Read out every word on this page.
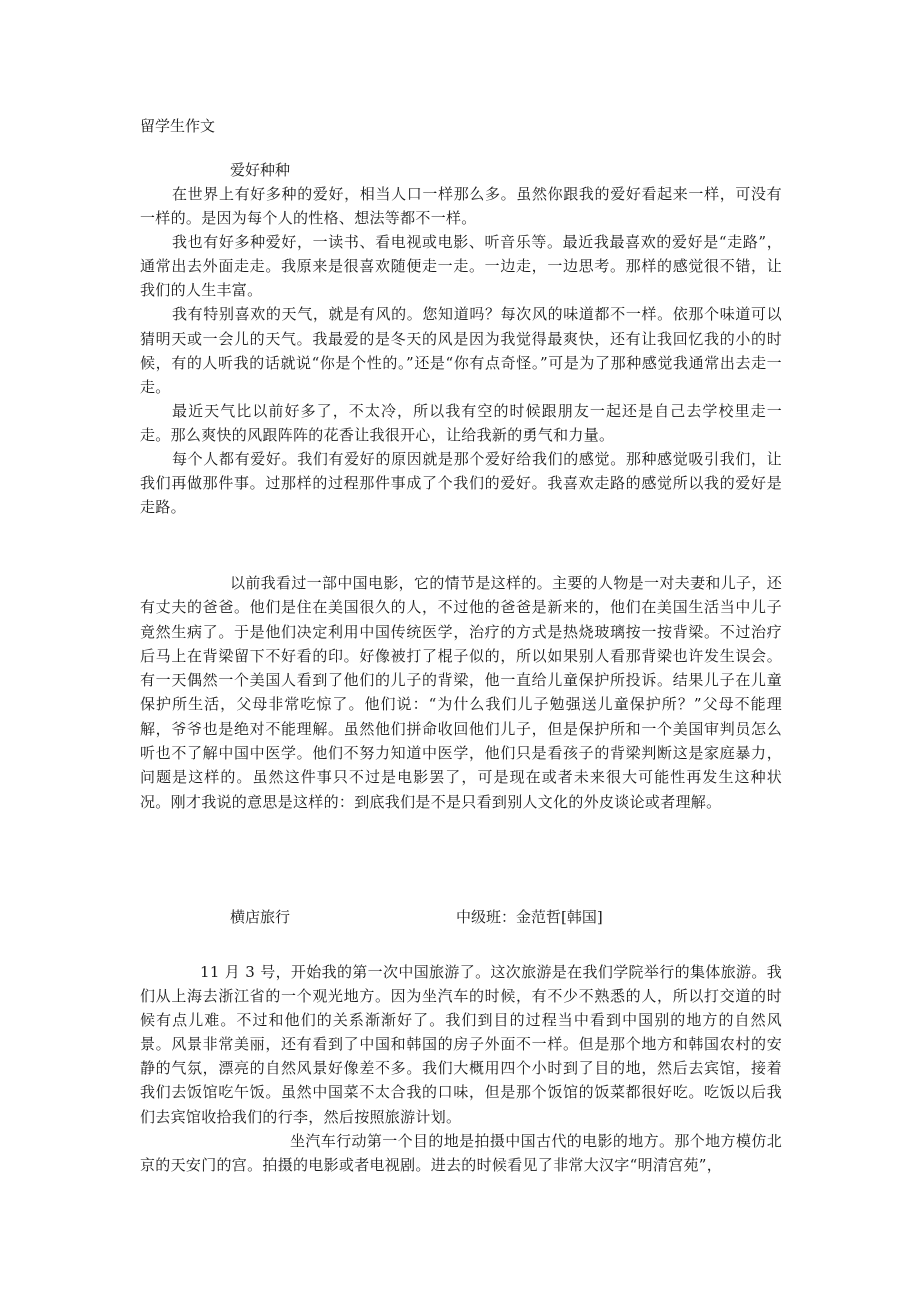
留学生作文
爱好种种

在世界上有好多种的爱好，相当人口一样那么多。虽然你跟我的爱好看起来一样，可没有一样的。是因为每个人的性格、想法等都不一样。

我也有好多种爱好，一读书、看电视或电影、听音乐等。最近我最喜欢的爱好是“走路”，通常出去外面走走。我原来是很喜欢随便走一走。一边走，一边思考。那样的感觉很不错，让我们的人生丰富。

我有特别喜欢的天气，就是有风的。您知道吗？每次风的味道都不一样。依那个味道可以猜明天或一会儿的天气。我最爱的是冬天的风是因为我觉得最爽快，还有让我回忆我的小的时候，有的人听我的话就说“你是个性的。”还是“你有点奇怪。”可是为了那种感觉我通常出去走一走。

最近天气比以前好多了，不太冷，所以我有空的时候跟朋友一起还是自己去学校里走一走。那么爽快的风跟阵阵的花香让我很开心，让给我新的勇气和力量。

每个人都有爱好。我们有爱好的原因就是那个爱好给我们的感觉。那种感觉吸引我们，让我们再做那件事。过那样的过程那件事成了个我们的爱好。我喜欢走路的感觉所以我的爱好是走路。

以前我看过一部中国电影，它的情节是这样的。主要的人物是一对夫妻和儿子，还有丈夫的爸爸。他们是住在美国很久的人，不过他的爸爸是新来的，他们在美国生活当中儿子竟然生病了。于是他们决定利用中国传统医学，治疗的方式是热烧玻璃按一按背梁。不过治疗后马上在背梁留下不好看的印。好像被打了棍子似的，所以如果别人看那背梁也许发生误会。有一天偶然一个美国人看到了他们的儿子的背梁，他一直给儿童保护所投诉。结果儿子在儿童保护所生活，父母非常吃惊了。他们说：“为什么我们儿子勉强送儿童保护所？”父母不能理解，爷爷也是绝对不能理解。虽然他们拼命收回他们儿子，但是保护所和一个美国审判员怎么听也不了解中国中医学。他们不努力知道中医学，他们只是看孩子的背梁判断这是家庭暴力，问题是这样的。虽然这件事只不过是电影罢了，可是现在或者未来很大可能性再发生这种状况。刚才我说的意思是这样的：到底我们是不是只看到别人文化的外皮谈论或者理解。

横店旅行	中级班：金范哲[韩国]

11 月 3 号，开始我的第一次中国旅游了。这次旅游是在我们学院举行的集体旅游。我们从上海去浙江省的一个观光地方。因为坐汽车的时候，有不少不熟悉的人，所以打交道的时候有点儿难。不过和他们的关系渐渐好了。我们到目的过程当中看到中国别的地方的自然风景。风景非常美丽，还有看到了中国和韩国的房子外面不一样。但是那个地方和韩国农村的安静的气氛，漂亮的自然风景好像差不多。我们大概用四个小时到了目的地，然后去宾馆，接着我们去饭馆吃午饭。虽然中国菜不太合我的口味，但是那个饭馆的饭菜都很好吃。吃饭以后我们去宾馆收拾我们的行李，然后按照旅游计划。

坐汽车行动第一个目的地是拍摄中国古代的电影的地方。那个地方模仿北京的天安门的宫。拍摄的电影或者电视剧。进去的时候看见了非常大汉字“明清宫苑”，
